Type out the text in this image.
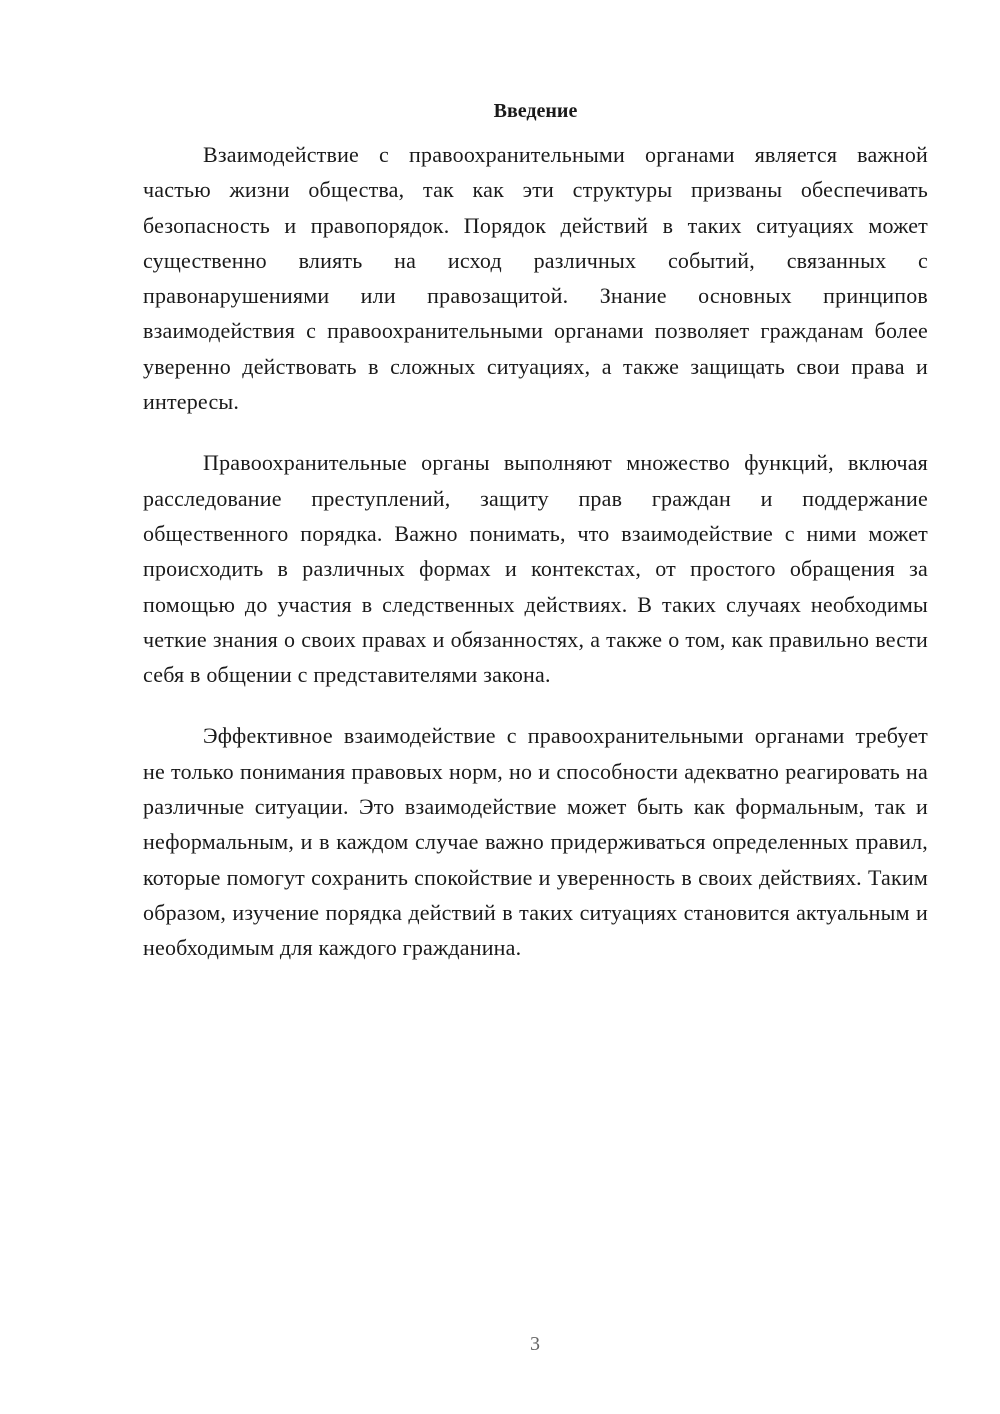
Введение

Взаимодействие с правоохранительными органами является важной частью жизни общества, так как эти структуры призваны обеспечивать безопасность и правопорядок. Порядок действий в таких ситуациях может существенно влиять на исход различных событий, связанных с правонарушениями или правозащитой. Знание основных принципов взаимодействия с правоохранительными органами позволяет гражданам более уверенно действовать в сложных ситуациях, а также защищать свои права и интересы.

Правоохранительные органы выполняют множество функций, включая расследование преступлений, защиту прав граждан и поддержание общественного порядка. Важно понимать, что взаимодействие с ними может происходить в различных формах и контекстах, от простого обращения за помощью до участия в следственных действиях. В таких случаях необходимы четкие знания о своих правах и обязанностях, а также о том, как правильно вести себя в общении с представителями закона.

Эффективное взаимодействие с правоохранительными органами требует не только понимания правовых норм, но и способности адекватно реагировать на различные ситуации. Это взаимодействие может быть как формальным, так и неформальным, и в каждом случае важно придерживаться определенных правил, которые помогут сохранить спокойствие и уверенность в своих действиях. Таким образом, изучение порядка действий в таких ситуациях становится актуальным и необходимым для каждого гражданина.

3
